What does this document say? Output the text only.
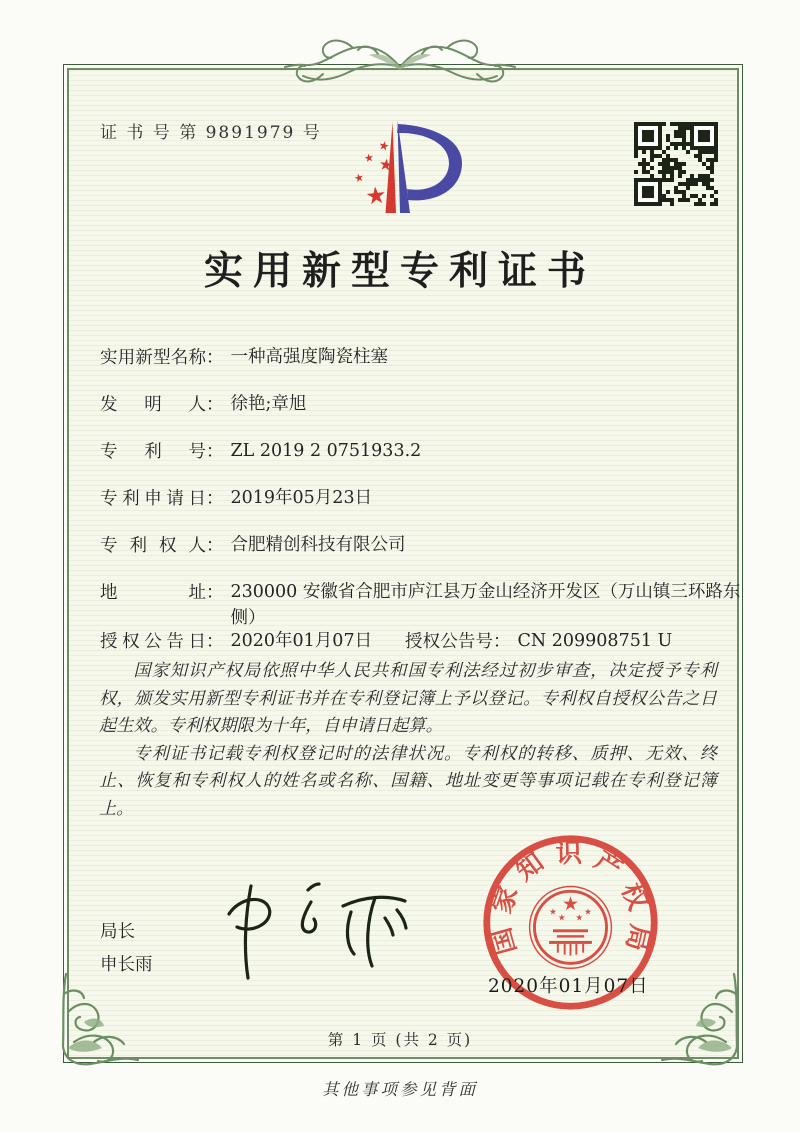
证 书 号 第 9891979 号
实用新型专利证书
实用新型名称： 一种高强度陶瓷柱塞
发明人： 徐艳;章旭
专利号： ZL 2019 2 0751933.2
专利申请日： 2019年05月23日
专利权人： 合肥精创科技有限公司
地址： 230000 安徽省合肥市庐江县万金山经济开发区（万山镇三环路东侧）
授权公告日： 2020年01月07日 授权公告号： CN 209908751 U

国家知识产权局依照中华人民共和国专利法经过初步审查，决定授予专利权，颁发实用新型专利证书并在专利登记簿上予以登记。专利权自授权公告之日起生效。专利权期限为十年，自申请日起算。

专利证书记载专利权登记时的法律状况。专利权的转移、质押、无效、终止、恢复和专利权人的姓名或名称、国籍、地址变更等事项记载在专利登记簿上。

局长
申长雨
国家知识产权局
2020年01月07日
第 1 页 (共 2 页)
其他事项参见背面
